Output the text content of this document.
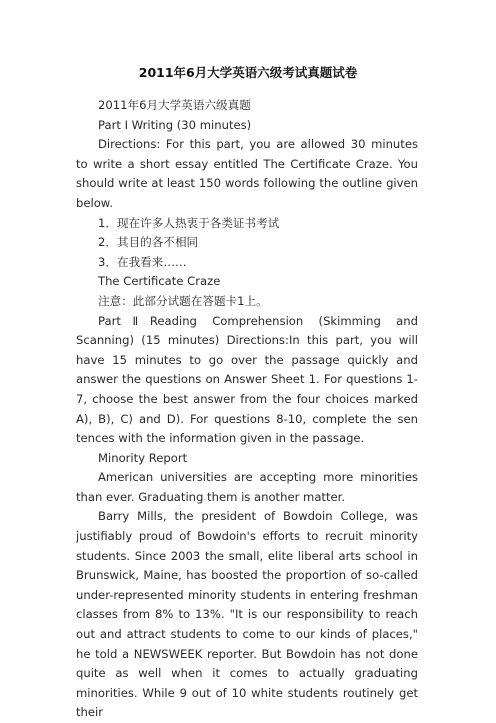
2011年6月大学英语六级考试真题试卷

2011年6月大学英语六级真题

Part Ⅰ Writing (30 minutes)

Directions: For this part, you are allowed 30 minutes to write a short essay entitled The Certificate Craze. You should write at least 150 words following the outline given below.

1．现在许多人热衷于各类证书考试

2．其目的各不相同

3．在我看来……

The Certificate Craze

注意：此部分试题在答题卡1上。

PartⅡReading Comprehension (Skimming and Scanning) (15 minutes) Directions:In this part, you will have 15 minutes to go over the passage quickly and answer the questions on Answer Sheet 1. For questions 1-7, choose the best answer from the four choices marked A), B), C) and D). For questions 8-10, complete the sen tences with the information given in the passage.

Minority Report

American universities are accepting more minorities than ever. Graduating them is another matter.

Barry Mills, the president of Bowdoin College, was justifiably proud of Bowdoin's efforts to recruit minority students. Since 2003 the small, elite liberal arts school in Brunswick, Maine, has boosted the proportion of so-called under-represented minority students in entering freshman classes from 8% to 13%. "It is our responsibility to reach out and attract students to come to our kinds of places," he told a NEWSWEEK reporter. But Bowdoin has not done quite as well when it comes to actually graduating minorities. While 9 out of 10 white students routinely get their
